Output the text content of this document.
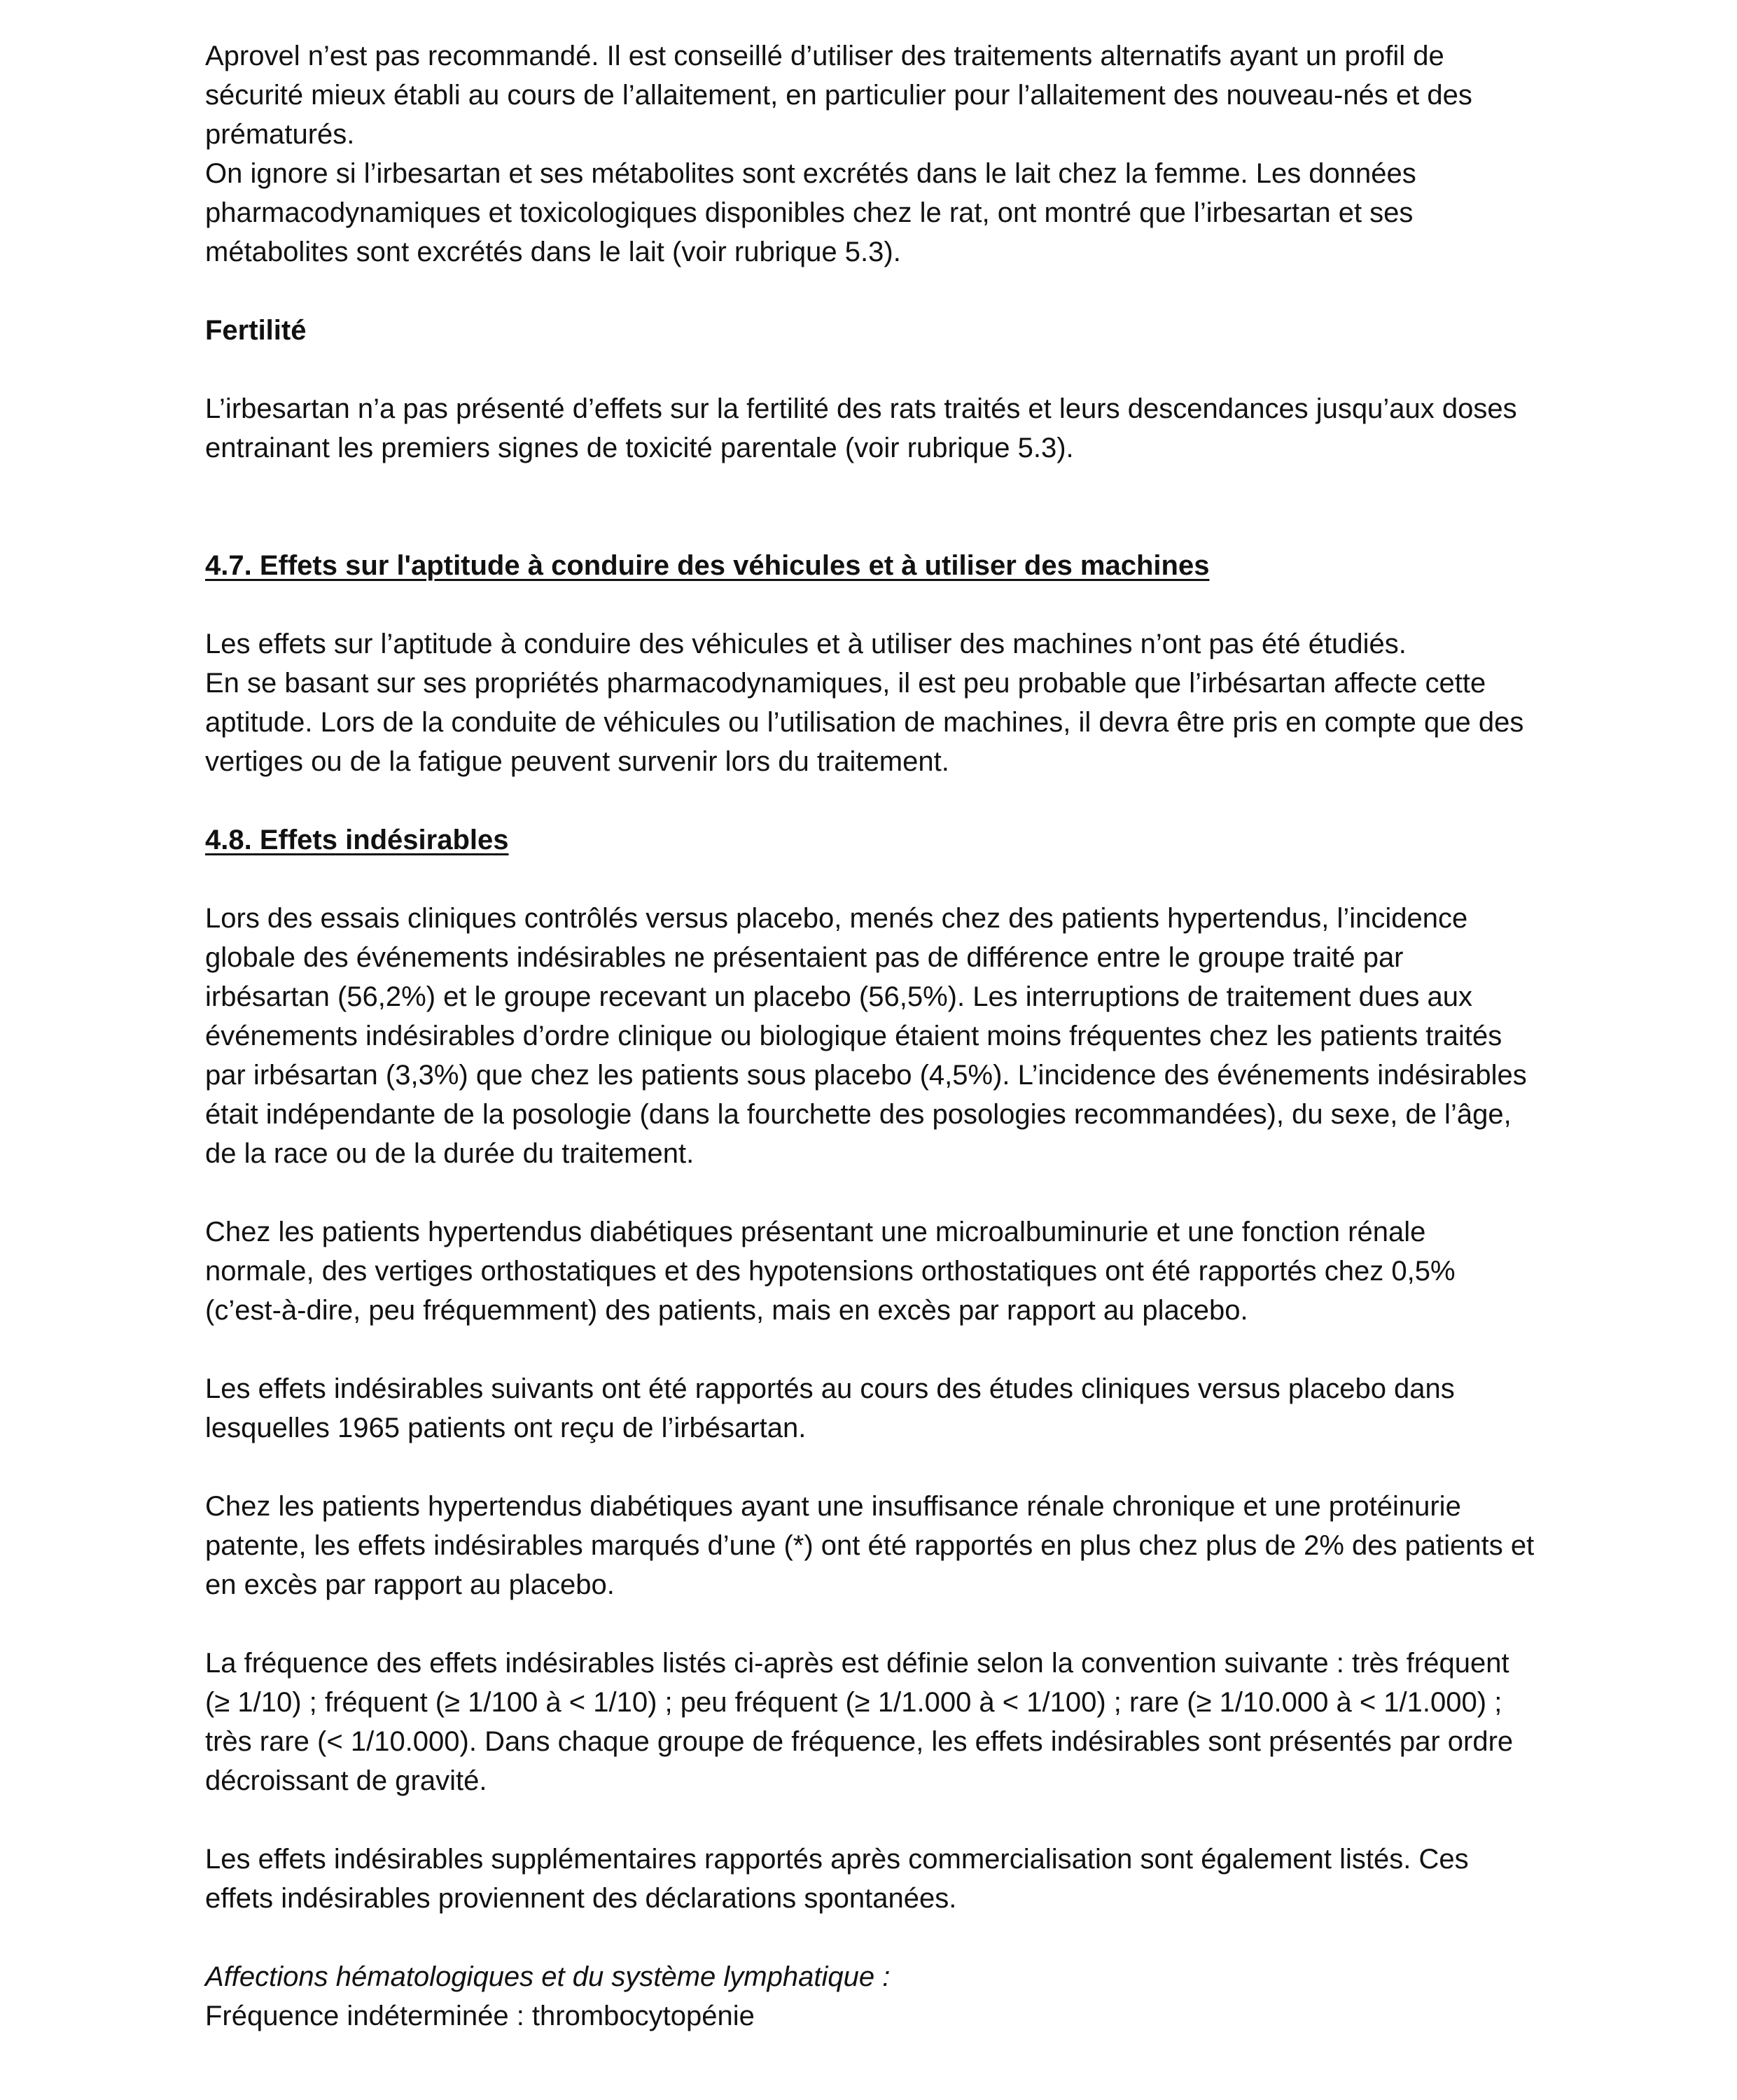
Aprovel n’est pas recommandé. Il est conseillé d’utiliser des traitements alternatifs ayant un profil de sécurité mieux établi au cours de l’allaitement, en particulier pour l’allaitement des nouveau-nés et des prématurés.

On ignore si l’irbesartan et ses métabolites sont excrétés dans le lait chez la femme. Les données pharmacodynamiques et toxicologiques disponibles chez le rat, ont montré que l’irbesartan et ses métabolites sont excrétés dans le lait (voir rubrique 5.3).

Fertilité

L’irbesartan n’a pas présenté d’effets sur la fertilité des rats traités et leurs descendances jusqu’aux doses entrainant les premiers signes de toxicité parentale (voir rubrique 5.3).

4.7. Effets sur l'aptitude à conduire des véhicules et à utiliser des machines

Les effets sur l’aptitude à conduire des véhicules et à utiliser des machines n’ont pas été étudiés.

En se basant sur ses propriétés pharmacodynamiques, il est peu probable que l’irbésartan affecte cette aptitude. Lors de la conduite de véhicules ou l’utilisation de machines, il devra être pris en compte que des vertiges ou de la fatigue peuvent survenir lors du traitement.

4.8. Effets indésirables

Lors des essais cliniques contrôlés versus placebo, menés chez des patients hypertendus, l’incidence globale des événements indésirables ne présentaient pas de différence entre le groupe traité par irbésartan (56,2%) et le groupe recevant un placebo (56,5%). Les interruptions de traitement dues aux événements indésirables d’ordre clinique ou biologique étaient moins fréquentes chez les patients traités par irbésartan (3,3%) que chez les patients sous placebo (4,5%). L’incidence des événements indésirables était indépendante de la posologie (dans la fourchette des posologies recommandées), du sexe, de l’âge, de la race ou de la durée du traitement.

Chez les patients hypertendus diabétiques présentant une microalbuminurie et une fonction rénale normale, des vertiges orthostatiques et des hypotensions orthostatiques ont été rapportés chez 0,5% (c’est-à-dire, peu fréquemment) des patients, mais en excès par rapport au placebo.

Les effets indésirables suivants ont été rapportés au cours des études cliniques versus placebo dans lesquelles 1965 patients ont reçu de l’irbésartan.

Chez les patients hypertendus diabétiques ayant une insuffisance rénale chronique et une protéinurie patente, les effets indésirables marqués d’une (*) ont été rapportés en plus chez plus de 2% des patients et en excès par rapport au placebo.

La fréquence des effets indésirables listés ci-après est définie selon la convention suivante : très fréquent (≥ 1/10) ; fréquent (≥ 1/100 à < 1/10) ; peu fréquent (≥ 1/1.000 à < 1/100) ; rare (≥ 1/10.000 à < 1/1.000) ; très rare (< 1/10.000). Dans chaque groupe de fréquence, les effets indésirables sont présentés par ordre décroissant de gravité.

Les effets indésirables supplémentaires rapportés après commercialisation sont également listés. Ces effets indésirables proviennent des déclarations spontanées.

Affections hématologiques et du système lymphatique :

Fréquence indéterminée : thrombocytopénie
